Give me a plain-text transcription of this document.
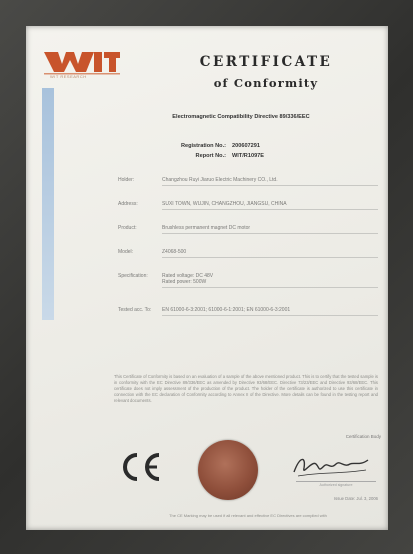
WIT RESEARCH
CERTIFICATE
of Conformity
Electromagnetic Compatibility Directive 89/336/EEC
Registration No.:	200607291
Report No.:	WIT/R1097E
Holder:	Changzhou Ruyi Jiaruo Electric Machinery CO., Ltd.
Address:	SUXI TOWN, WUJIN, CHANGZHOU, JIANGSU, CHINA
Product:	Brushless permanent magnet DC motor
Model:	Z4068-500
Specification:	Rated voltage: DC 48V
Rated power: 500W
Tested acc. To:	EN 61000-6-3:2001; 61000-6-1:2001; EN 61000-6-3:2001
This Certificate of Conformity is based on an evaluation of a sample of the above mentioned product. This is to certify that the tested sample is in conformity with the EC Directive 89/336/EEC as amended by Directive 93/68/EEC. Directive 73/23/EEC and Directive 93/68/EEC. This certificate does not imply assessment of the production of the product. The holder of the certificate is authorized to use this certificate in connection with the EC declaration of Conformity according to Annex II of the Directive. More details can be found in the testing report and relevant documents.
Certification Body
Authorized signature
Issue Date: Jul. 3, 2006
The CE Marking may be used if all relevant and effective EC Directives are complied with
